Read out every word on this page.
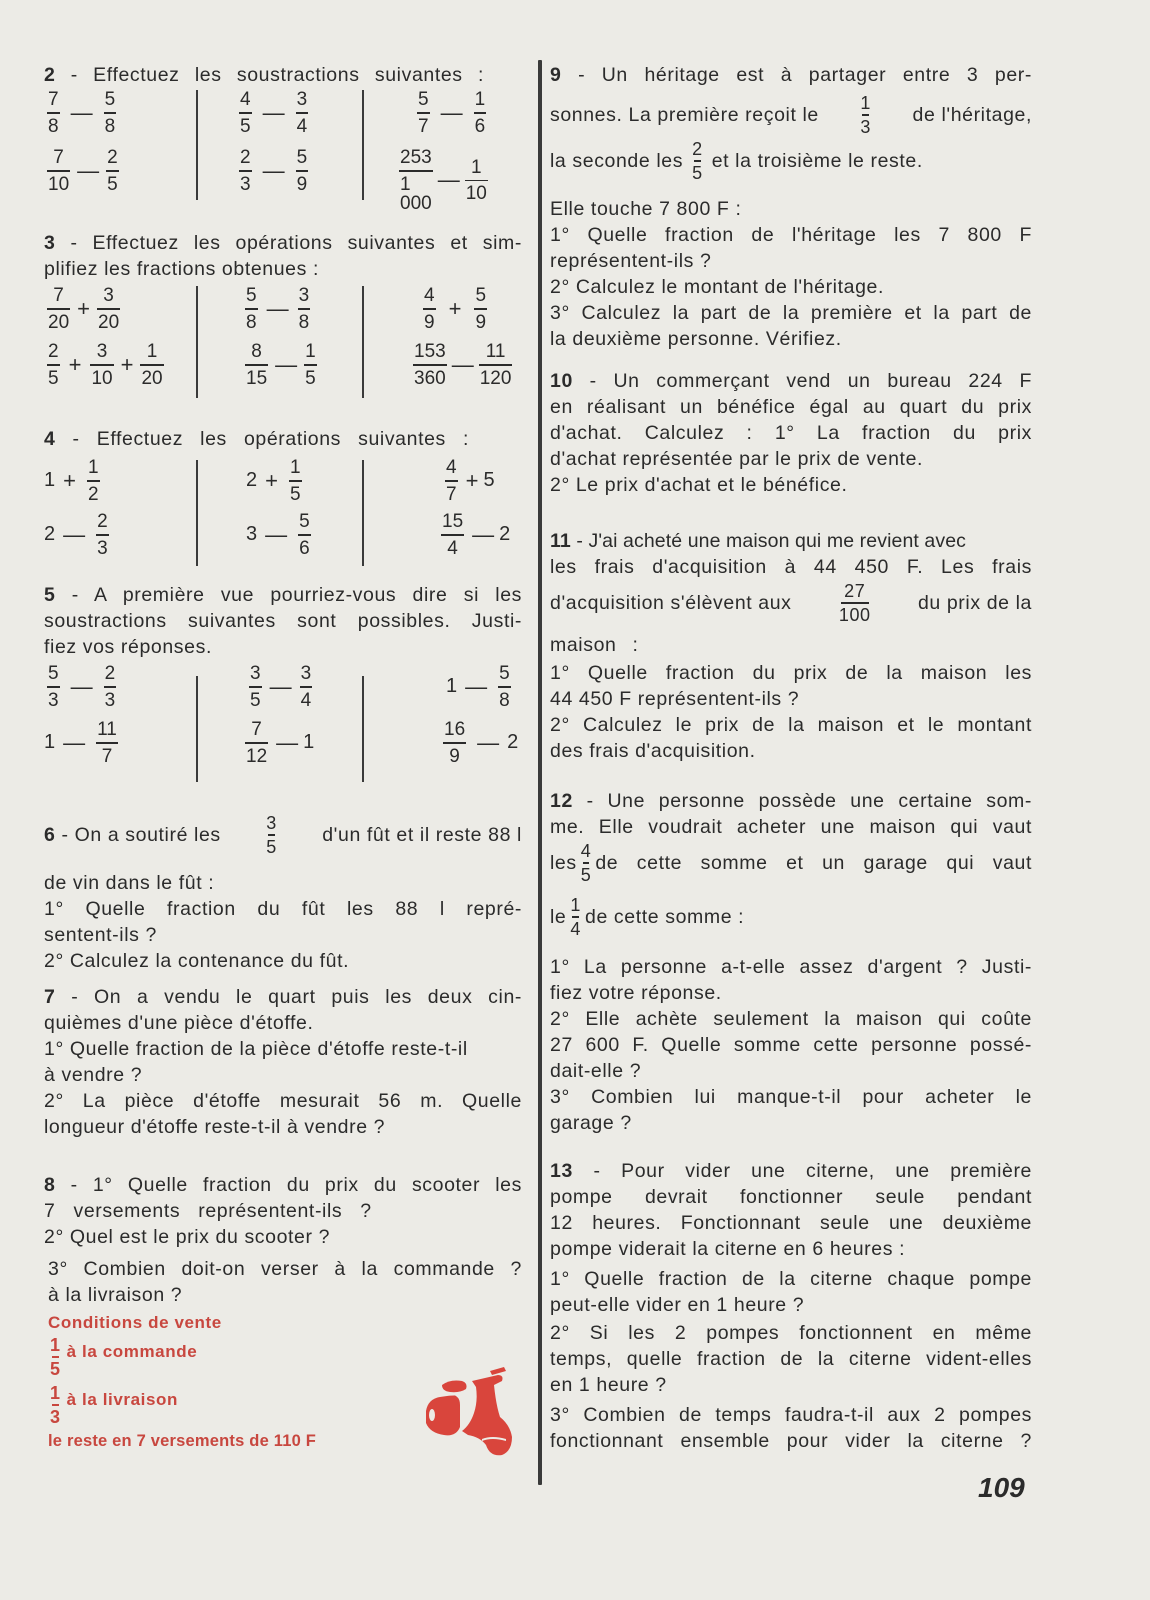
2 - Effectuez les soustractions suivantes :
$\frac{7}{8}$ — $\frac{5}{8}$
$\frac{7}{10}$ — $\frac{2}{5}$
$\frac{4}{5}$ — $\frac{3}{4}$
$\frac{2}{3}$ — $\frac{5}{9}$
$\frac{5}{7}$ — $\frac{1}{6}$
$\frac{253}{1 000}$ — $\frac{1}{10}$
3 - Effectuez les opérations suivantes et sim-
plifiez les fractions obtenues :
$\frac{7}{20} + \frac{3}{20}$
$\frac{2}{5} + \frac{3}{10} + \frac{1}{20}$
$\frac{5}{8}$ — $\frac{3}{8}$
$\frac{8}{15}$ — $\frac{1}{5}$
$\frac{4}{9} + \frac{5}{9}$
$\frac{153}{360}$ — $\frac{11}{120}$
4 - Effectuez les opérations suivantes :
$1 + \frac{1}{2}$
2 — $\frac{2}{3}$
$2 + \frac{1}{5}$
3 — $\frac{5}{6}$
$\frac{4}{7} + 5$
$\frac{15}{4}$ — 2
5 - A première vue pourriez-vous dire si les
soustractions suivantes sont possibles. Justi-
fiez vos réponses.
$\frac{5}{3}$ — $\frac{2}{3}$
1 — $\frac{11}{7}$
$\frac{3}{5}$ — $\frac{3}{4}$
$\frac{7}{12}$ — 1
1 — $\frac{5}{8}$
$\frac{16}{9}$ — 2
6 - On a soutiré les $\frac{3}{5} d'un$ fût et il reste 88 l
de vin dans le fût :
1° Quelle fraction du fût les 88 l repré-
sentent-ils ?
2° Calculez la contenance du fût.
7 - On a vendu le quart puis les deux cin-
quièmes d'une pièce d'étoffe.
1° Quelle fraction de la pièce d'étoffe reste-t-il
à vendre ?
2° La pièce d'étoffe mesurait 56 m. Quelle
longueur d'étoffe reste-t-il à vendre ?
8 - 1° Quelle fraction du prix du scooter les
7 versements représentent-ils ?
2° Quel est le prix du scooter ?
3° Combien doit-on verser à la commande ?
à la livraison ?
Conditions de vente
$\frac{1}{5}$ à la commande
$\frac{1}{3}$ à la livraison
le reste en 7 versements de 110 F
9 - Un héritage est à partager entre 3 per-
sonnes. La première reçoit le $\frac{1}{3}$ de l'héritage,
la seconde les $\frac{2}{5}$ et la troisième le reste.
Elle touche 7 800 F :
1° Quelle fraction de l'héritage les 7 800 F
représentent-ils ?
2° Calculez le montant de l'héritage.
3° Calculez la part de la première et la part de
la deuxième personne. Vérifiez.
10 - Un commerçant vend un bureau 224 F
en réalisant un bénéfice égal au quart du prix
d'achat. Calculez : 1° La fraction du prix
d'achat représentée par le prix de vente.
2° Le prix d'achat et le bénéfice.
11 - J'ai acheté une maison qui me revient avec
les frais d'acquisition à 44 450 F. Les frais
d'acquisition s'élèvent aux	$\frac{27}{100}$ du prix de la
maison :
1° Quelle fraction du prix de la maison les
44 450 F représentent-ils ?
2° Calculez le prix de la maison et le montant
des frais d'acquisition.
12 - Une personne possède une certaine som-
me. Elle voudrait acheter une maison qui vaut
les $\frac{4}{5}$ de cette somme et un garage qui vaut
le $\frac{1}{4}$ de cette somme :
1° La personne a-t-elle assez d'argent ? Justi-
fiez votre réponse.
2° Elle achète seulement la maison qui coûte
27 600 F. Quelle somme cette personne possé-
dait-elle ?
3° Combien lui manque-t-il pour acheter le
garage ?
13 - Pour vider une citerne, une première
pompe devrait fonctionner seule pendant
12 heures. Fonctionnant seule une deuxième
pompe viderait la citerne en 6 heures :
1° Quelle fraction de la citerne chaque pompe
peut-elle vider en 1 heure ?
2° Si les 2 pompes fonctionnent en même
temps, quelle fraction de la citerne vident-elles
en 1 heure ?
3° Combien de temps faudra-t-il aux 2 pompes
fonctionnant ensemble pour vider la citerne ?
109
